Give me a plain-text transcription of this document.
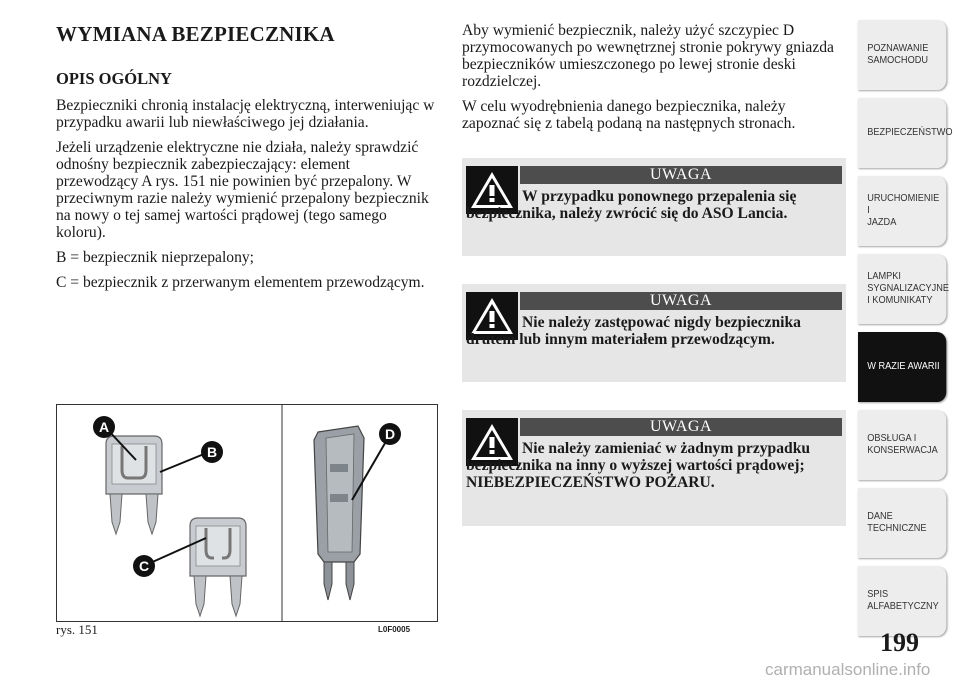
WYMIANA BEZPIECZNIKA
OPIS OGÓLNY

Bezpieczniki chronią instalację elektryczną, interweniując w przypadku awarii lub niewłaściwego jej działania.

Jeżeli urządzenie elektryczne nie działa, należy sprawdzić odnośny bezpiecznik zabezpieczający: element przewodzący A rys. 151 nie powinien być przepalony. W przeciwnym razie należy wymienić przepalony bezpiecznik na nowy o tej samej wartości prądowej (tego samego koloru).

B = bezpiecznik nieprzepalony;

C = bezpiecznik z przerwanym elementem przewodzącym.

A
B
C
D
rys. 151	L0F0005

Aby wymienić bezpiecznik, należy użyć szczypiec D przymocowanych po wewnętrznej stronie pokrywy gniazda bezpieczników umieszczonego po lewej stronie deski rozdzielczej.

W celu wyodrębnienia danego bezpiecznika, należy zapoznać się z tabelą podaną na następnych stronach.

UWAGA
W przypadku ponownego przepalenia się bezpiecznika, należy zwrócić się do ASO Lancia.
UWAGA
Nie należy zastępować nigdy bezpiecznika drutem lub innym materiałem przewodzącym.
UWAGA
Nie należy zamieniać w żadnym przypadku bezpiecznika na inny o wyższej wartości prądowej; NIEBEZPIECZEŃSTWO POŻARU.
POZNAWANIE
SAMOCHODU
BEZPIECZEŃSTWO
URUCHOMIENIE I
JAZDA
LAMPKI
SYGNALIZACYJNE
I KOMUNIKATY
W RAZIE AWARII
OBSŁUGA I
KONSERWACJA
DANE
TECHNICZNE
SPIS
ALFABETYCZNY
199
carmanualsonline.info
